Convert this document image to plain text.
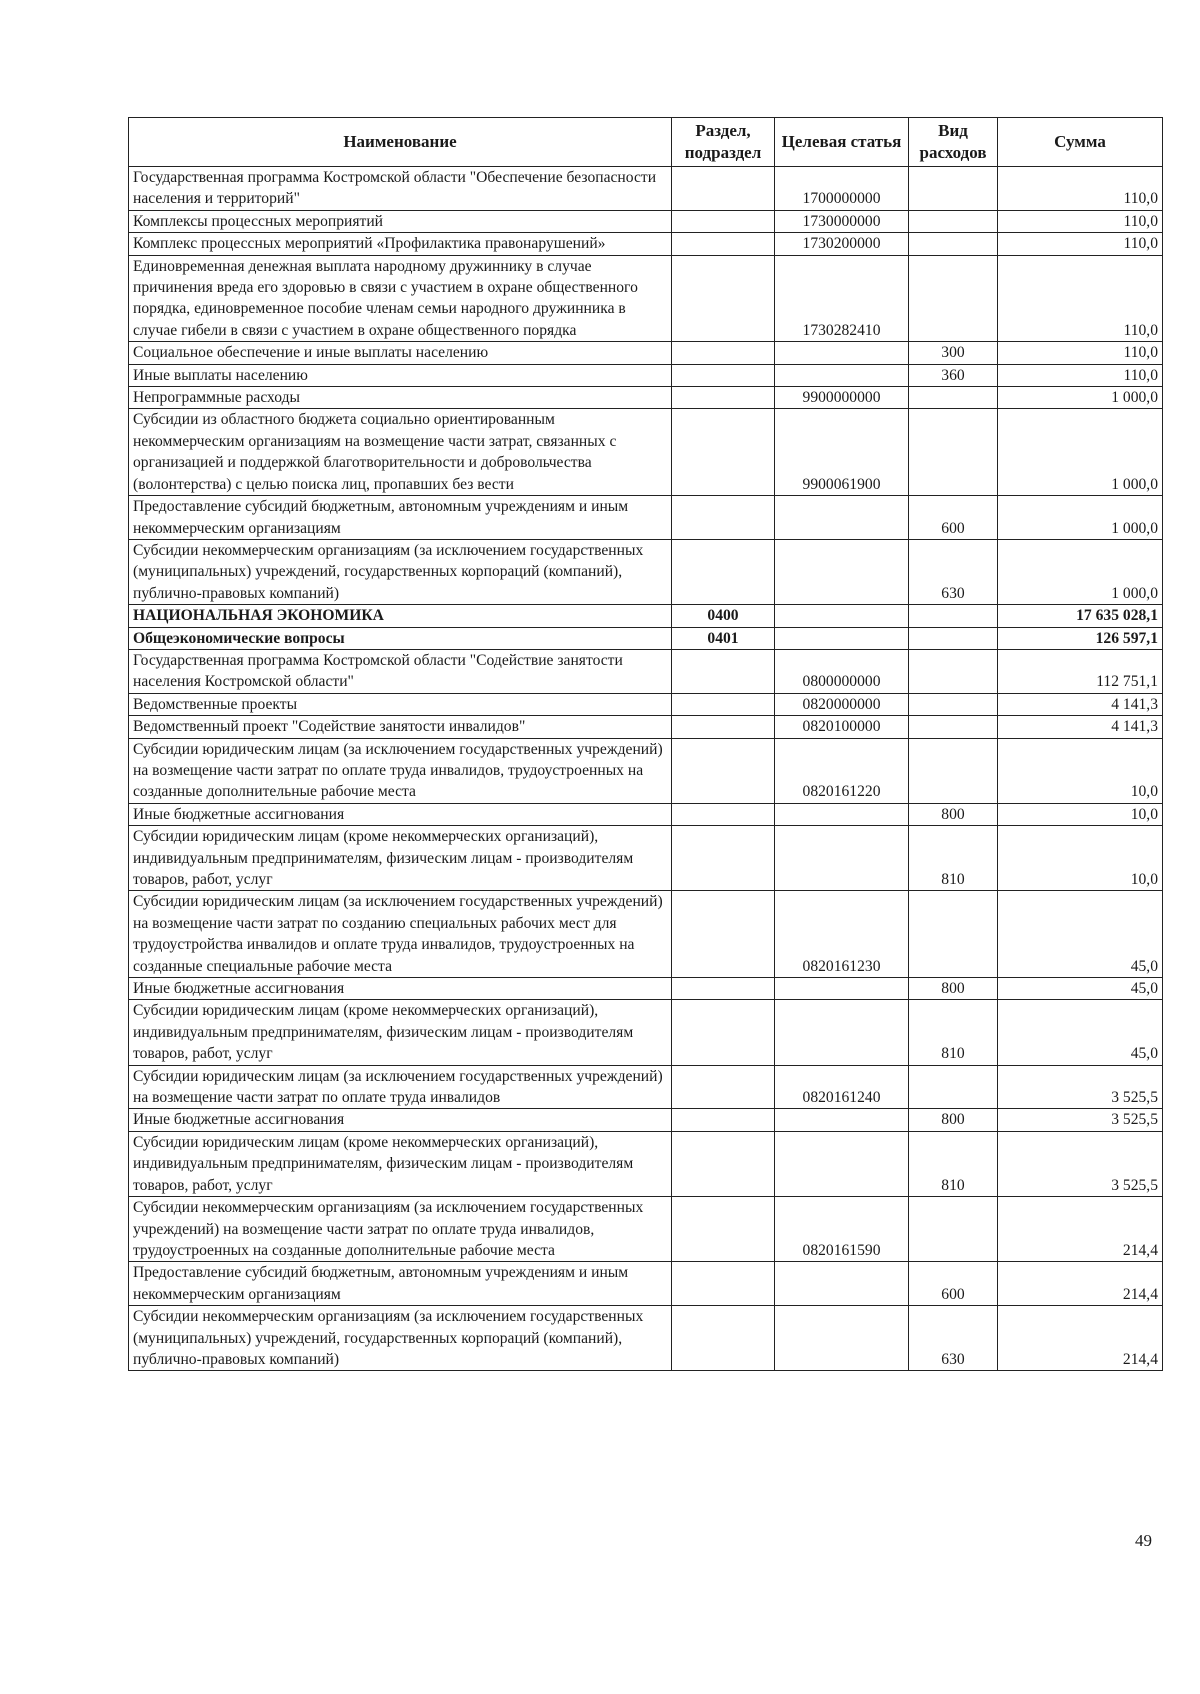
Наименование	Раздел, подраздел	Целевая статья	Вид расходов	Сумма
Государственная программа Костромской области "Обеспечение безопасности населения и территорий"		1700000000		110,0
Комплексы процессных мероприятий		1730000000		110,0
Комплекс процессных мероприятий «Профилактика правонарушений»		1730200000		110,0
Единовременная денежная выплата народному дружиннику в случае причинения вреда его здоровью в связи с участием в охране общественного порядка, единовременное пособие членам семьи народного дружинника в случае гибели в связи с участием в охране общественного порядка		1730282410		110,0
Социальное обеспечение и иные выплаты населению			300	110,0
Иные выплаты населению			360	110,0
Непрограммные расходы		9900000000		1 000,0
Субсидии из областного бюджета социально ориентированным некоммерческим организациям на возмещение части затрат, связанных с организацией и поддержкой благотворительности и добровольчества (волонтерства) с целью поиска лиц, пропавших без вести		9900061900		1 000,0
Предоставление субсидий бюджетным, автономным учреждениям и иным некоммерческим организациям			600	1 000,0
Субсидии некоммерческим организациям (за исключением государственных (муниципальных) учреждений, государственных корпораций (компаний), публично-правовых компаний)			630	1 000,0
НАЦИОНАЛЬНАЯ ЭКОНОМИКА	0400			17 635 028,1
Общеэкономические вопросы	0401			126 597,1
Государственная программа Костромской области "Содействие занятости населения Костромской области"		0800000000		112 751,1
Ведомственные проекты		0820000000		4 141,3
Ведомственный проект "Содействие занятости инвалидов"		0820100000		4 141,3
Субсидии юридическим лицам (за исключением государственных учреждений) на возмещение части затрат по оплате труда инвалидов, трудоустроенных на созданные дополнительные рабочие места		0820161220		10,0
Иные бюджетные ассигнования			800	10,0
Субсидии юридическим лицам (кроме некоммерческих организаций), индивидуальным предпринимателям, физическим лицам - производителям товаров, работ, услуг			810	10,0
Субсидии юридическим лицам (за исключением государственных учреждений) на возмещение части затрат по созданию специальных рабочих мест для трудоустройства инвалидов и оплате труда инвалидов, трудоустроенных на созданные специальные рабочие места		0820161230		45,0
Иные бюджетные ассигнования			800	45,0
Субсидии юридическим лицам (кроме некоммерческих организаций), индивидуальным предпринимателям, физическим лицам - производителям товаров, работ, услуг			810	45,0
Субсидии юридическим лицам (за исключением государственных учреждений) на возмещение части затрат по оплате труда инвалидов		0820161240		3 525,5
Иные бюджетные ассигнования			800	3 525,5
Субсидии юридическим лицам (кроме некоммерческих организаций), индивидуальным предпринимателям, физическим лицам - производителям товаров, работ, услуг			810	3 525,5
Субсидии некоммерческим организациям (за исключением государственных учреждений) на возмещение части затрат по оплате труда инвалидов, трудоустроенных на созданные дополнительные рабочие места		0820161590		214,4
Предоставление субсидий бюджетным, автономным учреждениям и иным некоммерческим организациям			600	214,4
Субсидии некоммерческим организациям (за исключением государственных (муниципальных) учреждений, государственных корпораций (компаний), публично-правовых компаний)			630	214,4
49
